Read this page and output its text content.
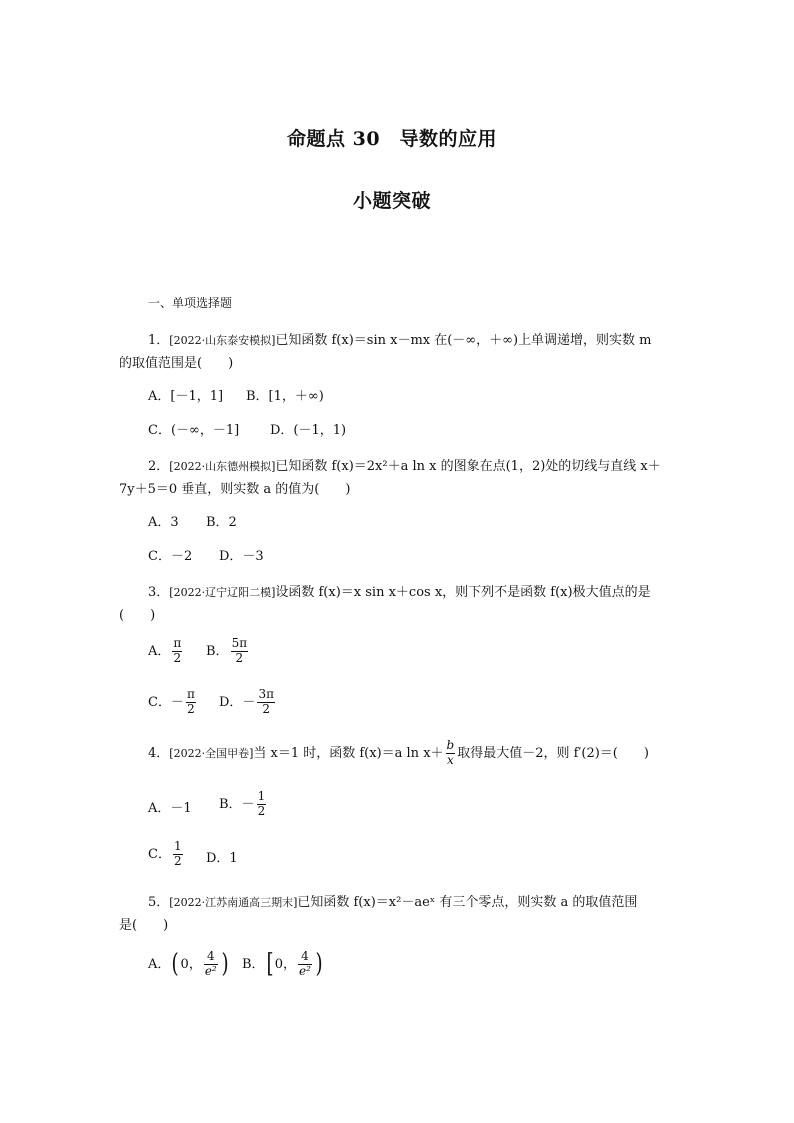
命题点 30　导数的应用
小题突破
一、单项选择题
1．[2022·山东泰安模拟]已知函数 f(x)＝sin x－mx 在(－∞，＋∞)上单调递增，则实数 m
的取值范围是(　　)
A．[－1，1] B．[1，＋∞)
C．(－∞，－1] D．(－1，1)
2．[2022·山东德州模拟]已知函数 f(x)＝2x²＋a ln x 的图象在点(1，2)处的切线与直线 x＋
7y＋5＝0 垂直，则实数 a 的值为(　　)
A．3 B．2
C．－2 D．－3
3．[2022·辽宁辽阳二模]设函数 f(x)＝x sin x＋cos x，则下列不是函数 f(x)极大值点的是
(　　)
A． $\frac{\pi}{2}$ B． $\frac{5\pi}{2}$
C．－ $\frac{\pi}{2}$ D．－ $\frac{3\pi}{2}$
4．[2022·全国甲卷]当 x＝1 时，函数 f(x)＝a $\ln x+ \frac{b}{x}$ 取得最大值－2，则 f′(2)＝(　　)
A．－1 B．－ $\frac{1}{2}$
C． $\frac{1}{2}$ D．1
5．[2022·江苏南通高三期末]已知函数 f(x)＝x²－aeˣ 有三个零点，则实数 a 的取值范围
是(　　)
A．( 0， $\frac{4}{\text{e²}}$ ) B．[ 0， $\frac{4}{\text{e²}}$ )
